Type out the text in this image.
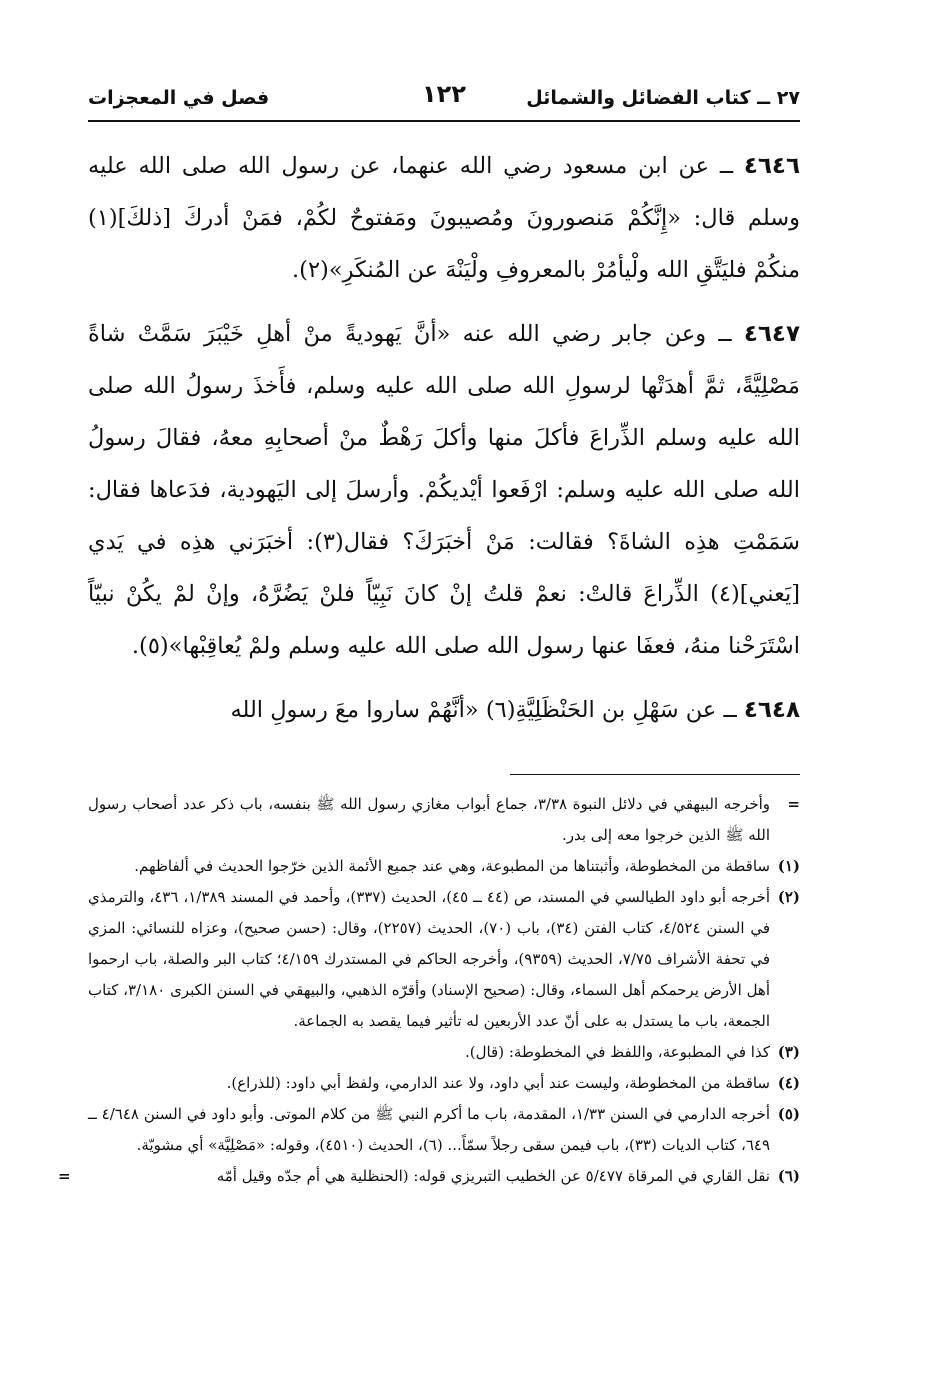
٢٧ ــ كتاب الفضائل والشمائل
١٢٢
فصل في المعجزات

٤٦٤٦ ــ عن ابن مسعود رضي الله عنهما، عن رسول الله صلى الله عليه وسلم قال: «إِنَّكُمْ مَنصورونَ ومُصيبونَ ومَفتوحٌ لكُمْ، فمَنْ أدركَ [ذلكَ](١) منكُمْ فليَتَّقِ الله ولْيأمُرْ بالمعروفِ ولْيَنْهَ عن المُنكَرِ»(٢).

٤٦٤٧ ــ وعن جابر رضي الله عنه «أنَّ يَهوديةً منْ أهلِ خَيْبَرَ سَمَّتْ شاةً مَصْلِيَّةً، ثمَّ أهدَتْها لرسولِ الله صلى الله عليه وسلم، فأَخذَ رسولُ الله صلى الله عليه وسلم الذِّراعَ فأكلَ منها وأكلَ رَهْطٌ منْ أصحابِهِ معهُ، فقالَ رسولُ الله صلى الله عليه وسلم: ارْفَعوا أيْديكُمْ. وأرسلَ إلى اليَهودية، فدَعاها فقال: سَمَمْتِ هذِه الشاةَ؟ فقالت: مَنْ أخبَرَكَ؟ فقال(٣): أخبَرَني هذِه في يَدي [يَعني](٤) الذِّراعَ قالتْ: نعمْ قلتُ إنْ كانَ نَبِيّاً فلنْ يَضُرَّهُ، وإنْ لمْ يكُنْ نبيّاً اسْتَرَحْنا منهُ، فعفَا عنها رسول الله صلى الله عليه وسلم ولمْ يُعاقِبْها»(٥).

٤٦٤٨ ــ عن سَهْلِ بن الحَنْظَلِيَّةِ(٦) «أنَّهُمْ ساروا معَ رسولِ الله

=
وأخرجه البيهقي في دلائل النبوة ٣/٣٨، جماع أبواب مغازي رسول الله ﷺ بنفسه، باب ذكر عدد أصحاب رسول الله ﷺ الذين خرجوا معه إلى بدر.
(١)
ساقطة من المخطوطة، وأثبتناها من المطبوعة، وهي عند جميع الأئمة الذين خرّجوا الحديث في ألفاظهم.
(٢)
أخرجه أبو داود الطيالسي في المسند، ص (٤٤ ــ ٤٥)، الحديث (٣٣٧)، وأحمد في المسند ١/٣٨٩، ٤٣٦، والترمذي في السنن ٤/٥٢٤، كتاب الفتن (٣٤)، باب (٧٠)، الحديث (٢٢٥٧)، وقال: (حسن صحيح)، وعزاه للنسائي: المزي في تحفة الأشراف ٧/٧٥، الحديث (٩٣٥٩)، وأخرجه الحاكم في المستدرك ٤/١٥٩؛ كتاب البر والصلة، باب ارحموا أهل الأرض يرحمكم أهل السماء، وقال: (صحيح الإسناد) وأقرّه الذهبي، والبيهقي في السنن الكبرى ٣/١٨٠، كتاب الجمعة، باب ما يستدل به على أنّ عدد الأربعين له تأثير فيما يقصد به الجماعة.
(٣)
كذا في المطبوعة، واللفظ في المخطوطة: (قال).
(٤)
ساقطة من المخطوطة، وليست عند أبي داود، ولا عند الدارمي، ولفظ أبي داود: (للذراع).
(٥)
أخرجه الدارمي في السنن ١/٣٣، المقدمة، باب ما أكرم النبي ﷺ من كلام الموتى. وأبو داود في السنن ٤/٦٤٨ ــ ٦٤٩، كتاب الديات (٣٣)، باب فيمن سقى رجلاً سمّاً... (٦)، الحديث (٤٥١٠)، وقوله: «مَصْلِيَّة» أي مشويّة.
(٦)
نقل القاري في المرقاة ٥/٤٧٧ عن الخطيب التبريزي قوله: (الحنظلية هي أم جدّه وقيل أمّه
=
